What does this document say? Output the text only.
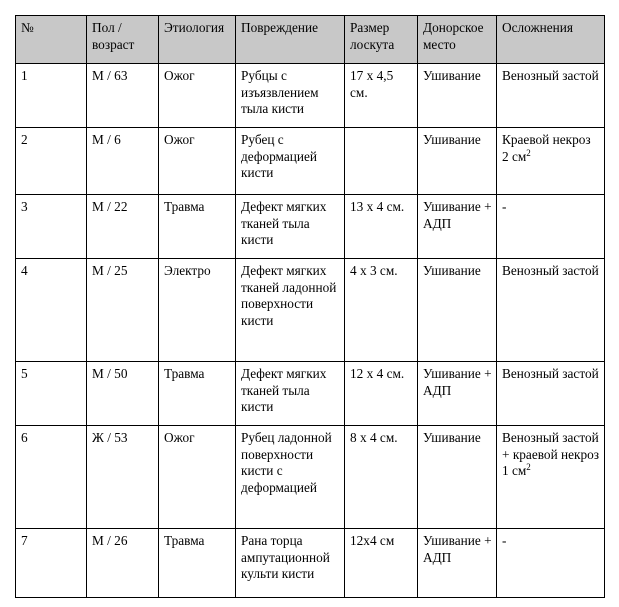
№	Пол / возраст	Этиология	Повреждение	Размер лоскута	Донорское место	Осложнения
1	М / 63	Ожог	Рубцы с изъязвлением тыла кисти	17 х 4,5 см.	Ушивание	Венозный застой
2	М / 6	Ожог	Рубец с деформацией кисти		Ушивание	Краевой некроз 2 $см^2$
3	М / 22	Травма	Дефект мягких тканей тыла кисти	13 х 4 см.	Ушивание + АДП	-
4	М / 25	Электро	Дефект мягких тканей ладонной поверхности кисти	4 х 3 см.	Ушивание	Венозный застой
5	М / 50	Травма	Дефект мягких тканей тыла кисти	12 х 4 см.	Ушивание + АДП	Венозный застой
6	Ж / 53	Ожог	Рубец ладонной поверхности кисти с деформацией	8 х 4 см.	Ушивание	Венозный застой + краевой некроз 1 $см^2$
7	М / 26	Травма	Рана торца ампутационной культи кисти	12х4 см	Ушивание + АДП	-
